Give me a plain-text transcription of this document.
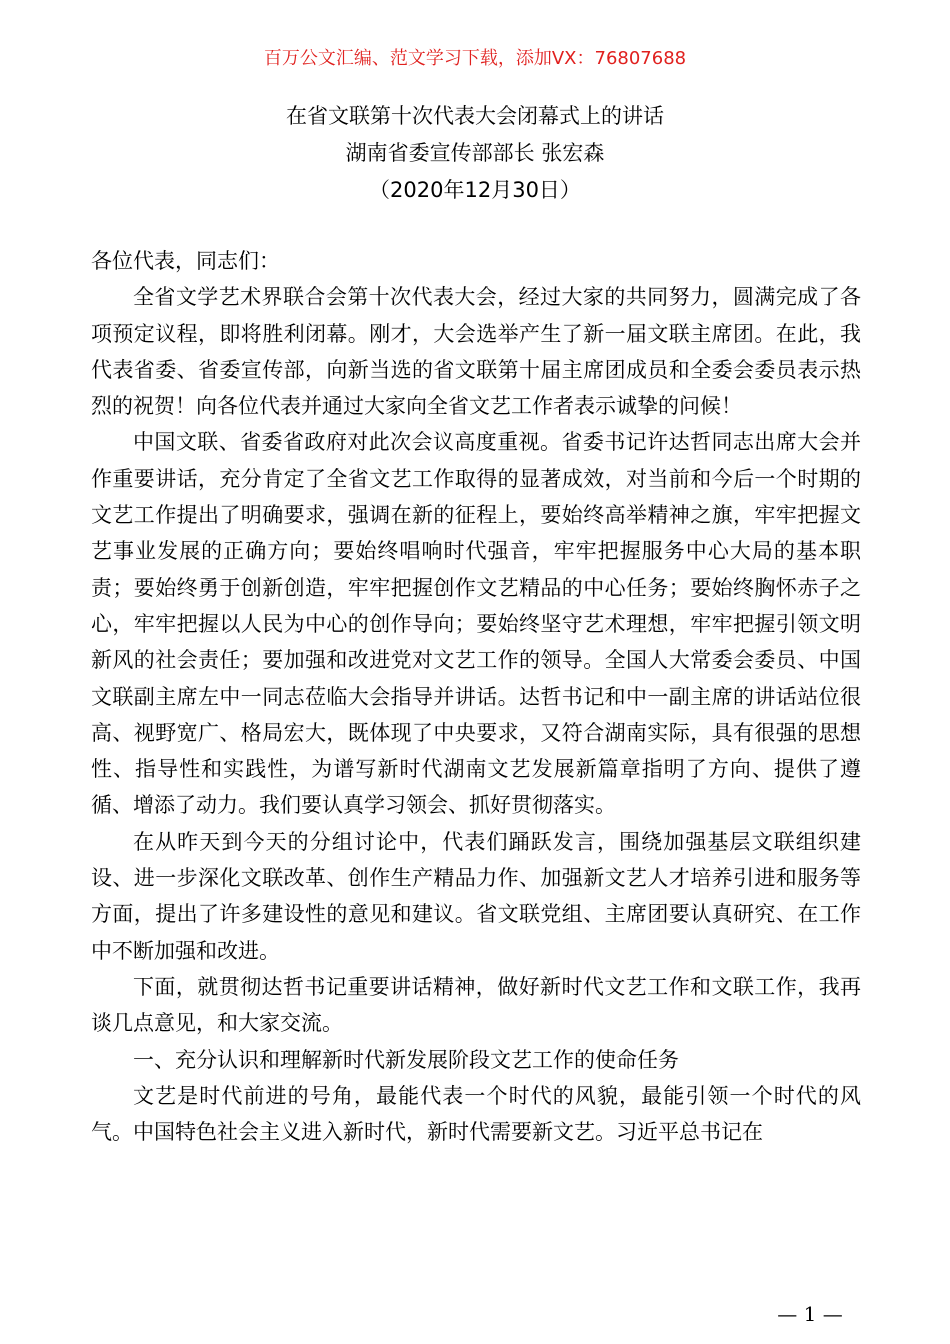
百万公文汇编、范文学习下载，添加VX：76807688
在省文联第十次代表大会闭幕式上的讲话
湖南省委宣传部部长 张宏森
（2020年12月30日）

各位代表，同志们：

全省文学艺术界联合会第十次代表大会，经过大家的共同努力，圆满完成了各项预定议程，即将胜利闭幕。刚才，大会选举产生了新一届文联主席团。在此，我代表省委、省委宣传部，向新当选的省文联第十届主席团成员和全委会委员表示热烈的祝贺！向各位代表并通过大家向全省文艺工作者表示诚挚的问候！

中国文联、省委省政府对此次会议高度重视。省委书记许达哲同志出席大会并作重要讲话，充分肯定了全省文艺工作取得的显著成效，对当前和今后一个时期的文艺工作提出了明确要求，强调在新的征程上，要始终高举精神之旗，牢牢把握文艺事业发展的正确方向；要始终唱响时代强音，牢牢把握服务中心大局的基本职责；要始终勇于创新创造，牢牢把握创作文艺精品的中心任务；要始终胸怀赤子之心，牢牢把握以人民为中心的创作导向；要始终坚守艺术理想，牢牢把握引领文明新风的社会责任；要加强和改进党对文艺工作的领导。全国人大常委会委员、中国文联副主席左中一同志莅临大会指导并讲话。达哲书记和中一副主席的讲话站位很高、视野宽广、格局宏大，既体现了中央要求，又符合湖南实际，具有很强的思想性、指导性和实践性，为谱写新时代湖南文艺发展新篇章指明了方向、提供了遵循、增添了动力。我们要认真学习领会、抓好贯彻落实。

在从昨天到今天的分组讨论中，代表们踊跃发言，围绕加强基层文联组织建设、进一步深化文联改革、创作生产精品力作、加强新文艺人才培养引进和服务等方面，提出了许多建设性的意见和建议。省文联党组、主席团要认真研究、在工作中不断加强和改进。

下面，就贯彻达哲书记重要讲话精神，做好新时代文艺工作和文联工作，我再谈几点意见，和大家交流。

一、充分认识和理解新时代新发展阶段文艺工作的使命任务

文艺是时代前进的号角，最能代表一个时代的风貌，最能引领一个时代的风气。中国特色社会主义进入新时代，新时代需要新文艺。习近平总书记在

— 1 —
